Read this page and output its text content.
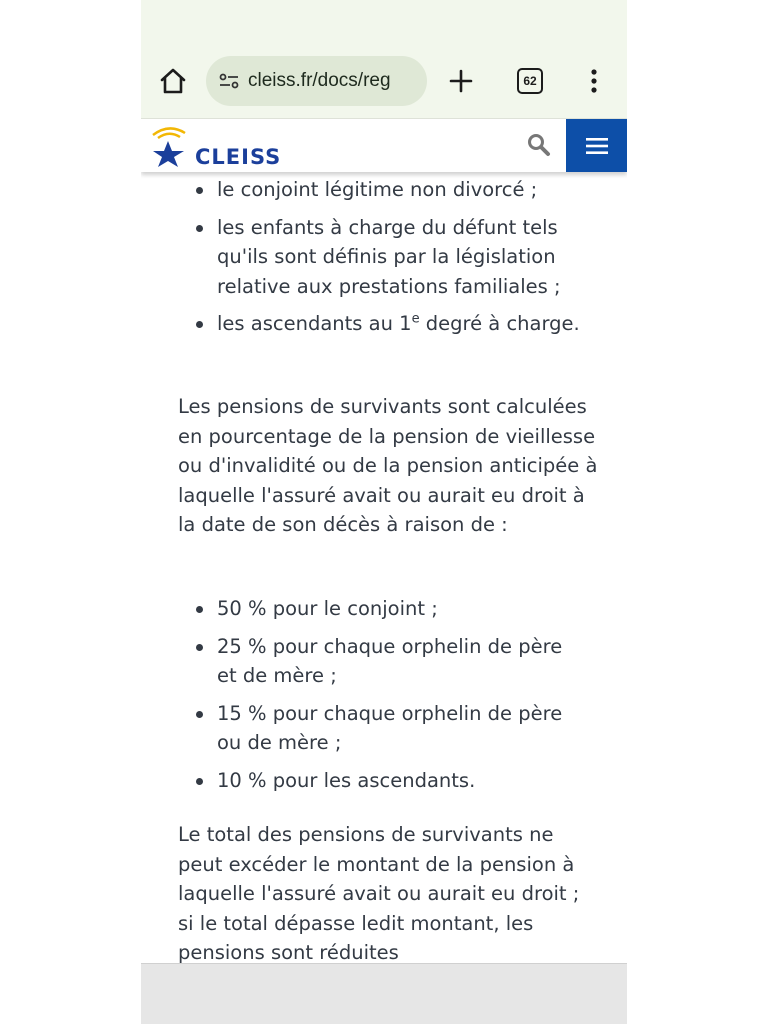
cleiss.fr/docs/reg	62
CLEISS
le conjoint légitime non divorcé ;
les enfants à charge du défunt tels qu'ils sont définis par la législation relative aux prestations familiales ;
les ascendants au 1e degré à charge.

Les pensions de survivants sont calculées en pourcentage de la pension de vieillesse ou d'invalidité ou de la pension anticipée à laquelle l'assuré avait ou aurait eu droit à la date de son décès à raison de :

50 % pour le conjoint ;
25 % pour chaque orphelin de père et de mère ;
15 % pour chaque orphelin de père ou de mère ;
10 % pour les ascendants.

Le total des pensions de survivants ne peut excéder le montant de la pension à laquelle l'assuré avait ou aurait eu droit ; si le total dépasse ledit montant, les pensions sont réduites
